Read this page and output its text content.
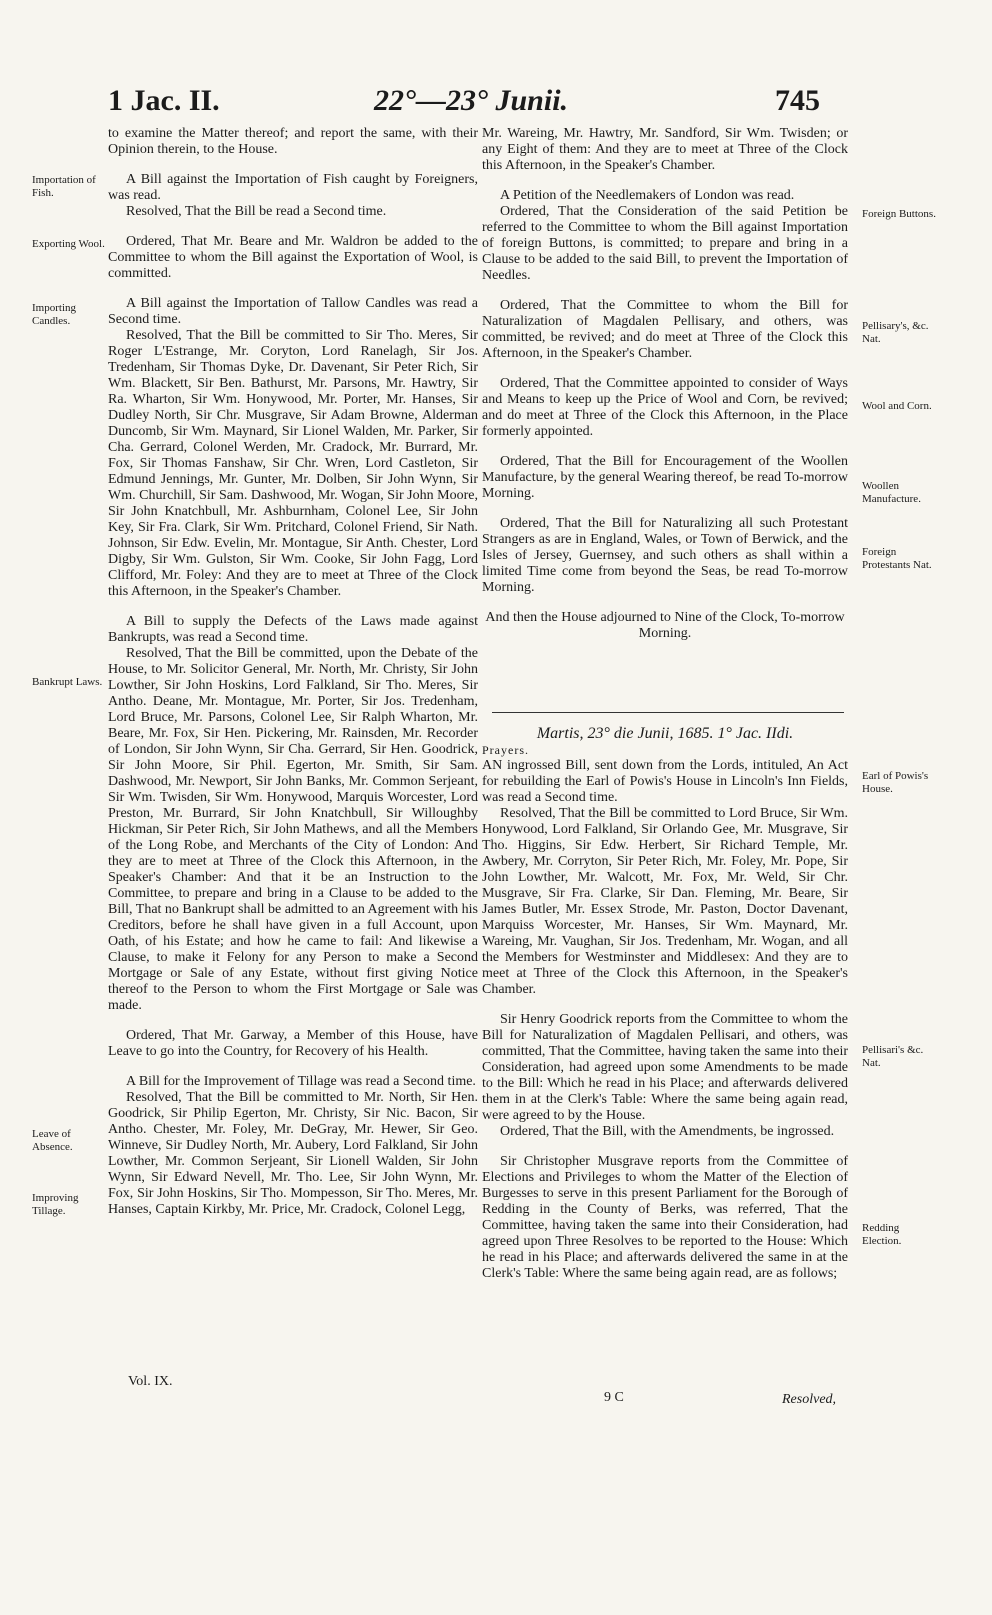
1 Jac. II.	22°—23° Junii.	745
Importation of Fish.
Exporting Wool.
Importing Candles.
Bankrupt Laws.
Leave of Absence.
Improving Tillage.
Foreign Buttons.
Pellisary's, &c. Nat.
Wool and Corn.
Woollen Manufacture.
Foreign Protestants Nat.
Earl of Powis's House.
Pellisari's &c. Nat.
Redding Election.

to examine the Matter thereof; and report the same, with their Opinion therein, to the House.

A Bill against the Importation of Fish caught by Foreigners, was read.

Resolved, That the Bill be read a Second time.

Ordered, That Mr. Beare and Mr. Waldron be added to the Committee to whom the Bill against the Exportation of Wool, is committed.

A Bill against the Importation of Tallow Candles was read a Second time.

Resolved, That the Bill be committed to Sir Tho. Meres, Sir Roger L'Estrange, Mr. Coryton, Lord Ranelagh, Sir Jos. Tredenham, Sir Thomas Dyke, Dr. Davenant, Sir Peter Rich, Sir Wm. Blackett, Sir Ben. Bathurst, Mr. Parsons, Mr. Hawtry, Sir Ra. Wharton, Sir Wm. Honywood, Mr. Porter, Mr. Hanses, Sir Dudley North, Sir Chr. Musgrave, Sir Adam Browne, Alderman Duncomb, Sir Wm. Maynard, Sir Lionel Walden, Mr. Parker, Sir Cha. Gerrard, Colonel Werden, Mr. Cradock, Mr. Burrard, Mr. Fox, Sir Thomas Fanshaw, Sir Chr. Wren, Lord Castleton, Sir Edmund Jennings, Mr. Gunter, Mr. Dolben, Sir John Wynn, Sir Wm. Churchill, Sir Sam. Dashwood, Mr. Wogan, Sir John Moore, Sir John Knatchbull, Mr. Ashburnham, Colonel Lee, Sir John Key, Sir Fra. Clark, Sir Wm. Pritchard, Colonel Friend, Sir Nath. Johnson, Sir Edw. Evelin, Mr. Montague, Sir Anth. Chester, Lord Digby, Sir Wm. Gulston, Sir Wm. Cooke, Sir John Fagg, Lord Clifford, Mr. Foley: And they are to meet at Three of the Clock this Afternoon, in the Speaker's Chamber.

A Bill to supply the Defects of the Laws made against Bankrupts, was read a Second time.

Resolved, That the Bill be committed, upon the Debate of the House, to Mr. Solicitor General, Mr. North, Mr. Christy, Sir John Lowther, Sir John Hoskins, Lord Falkland, Sir Tho. Meres, Sir Antho. Deane, Mr. Montague, Mr. Porter, Sir Jos. Tredenham, Lord Bruce, Mr. Parsons, Colonel Lee, Sir Ralph Wharton, Mr. Beare, Mr. Fox, Sir Hen. Pickering, Mr. Rainsden, Mr. Recorder of London, Sir John Wynn, Sir Cha. Gerrard, Sir Hen. Goodrick, Sir John Moore, Sir Phil. Egerton, Mr. Smith, Sir Sam. Dashwood, Mr. Newport, Sir John Banks, Mr. Common Serjeant, Sir Wm. Twisden, Sir Wm. Honywood, Marquis Worcester, Lord Preston, Mr. Burrard, Sir John Knatchbull, Sir Willoughby Hickman, Sir Peter Rich, Sir John Mathews, and all the Members of the Long Robe, and Merchants of the City of London: And they are to meet at Three of the Clock this Afternoon, in the Speaker's Chamber: And that it be an Instruction to the Committee, to prepare and bring in a Clause to be added to the Bill, That no Bankrupt shall be admitted to an Agreement with his Creditors, before he shall have given in a full Account, upon Oath, of his Estate; and how he came to fail: And likewise a Clause, to make it Felony for any Person to make a Second Mortgage or Sale of any Estate, without first giving Notice thereof to the Person to whom the First Mortgage or Sale was made.

Ordered, That Mr. Garway, a Member of this House, have Leave to go into the Country, for Recovery of his Health.

A Bill for the Improvement of Tillage was read a Second time.

Resolved, That the Bill be committed to Mr. North, Sir Hen. Goodrick, Sir Philip Egerton, Mr. Christy, Sir Nic. Bacon, Sir Antho. Chester, Mr. Foley, Mr. DeGray, Mr. Hewer, Sir Geo. Winneve, Sir Dudley North, Mr. Aubery, Lord Falkland, Sir John Lowther, Mr. Common Serjeant, Sir Lionell Walden, Sir John Wynn, Sir Edward Nevell, Mr. Tho. Lee, Sir John Wynn, Mr. Fox, Sir John Hoskins, Sir Tho. Mompesson, Sir Tho. Meres, Mr. Hanses, Captain Kirkby, Mr. Price, Mr. Cradock, Colonel Legg,

Mr. Wareing, Mr. Hawtry, Mr. Sandford, Sir Wm. Twisden; or any Eight of them: And they are to meet at Three of the Clock this Afternoon, in the Speaker's Chamber.

A Petition of the Needlemakers of London was read.

Ordered, That the Consideration of the said Petition be referred to the Committee to whom the Bill against Importation of foreign Buttons, is committed; to prepare and bring in a Clause to be added to the said Bill, to prevent the Importation of Needles.

Ordered, That the Committee to whom the Bill for Naturalization of Magdalen Pellisary, and others, was committed, be revived; and do meet at Three of the Clock this Afternoon, in the Speaker's Chamber.

Ordered, That the Committee appointed to consider of Ways and Means to keep up the Price of Wool and Corn, be revived; and do meet at Three of the Clock this Afternoon, in the Place formerly appointed.

Ordered, That the Bill for Encouragement of the Woollen Manufacture, by the general Wearing thereof, be read To-morrow Morning.

Ordered, That the Bill for Naturalizing all such Protestant Strangers as are in England, Wales, or Town of Berwick, and the Isles of Jersey, Guernsey, and such others as shall within a limited Time come from beyond the Seas, be read To-morrow Morning.

And then the House adjourned to Nine of the Clock, To-morrow Morning.

Martis, 23° die Junii, 1685. 1° Jac. IIdi.

Prayers.

AN ingrossed Bill, sent down from the Lords, intituled, An Act for rebuilding the Earl of Powis's House in Lincoln's Inn Fields, was read a Second time.

Resolved, That the Bill be committed to Lord Bruce, Sir Wm. Honywood, Lord Falkland, Sir Orlando Gee, Mr. Musgrave, Sir Tho. Higgins, Sir Edw. Herbert, Sir Richard Temple, Mr. Awbery, Mr. Corryton, Sir Peter Rich, Mr. Foley, Mr. Pope, Sir John Lowther, Mr. Walcott, Mr. Fox, Mr. Weld, Sir Chr. Musgrave, Sir Fra. Clarke, Sir Dan. Fleming, Mr. Beare, Sir James Butler, Mr. Essex Strode, Mr. Paston, Doctor Davenant, Marquiss Worcester, Mr. Hanses, Sir Wm. Maynard, Mr. Wareing, Mr. Vaughan, Sir Jos. Tredenham, Mr. Wogan, and all the Members for Westminster and Middlesex: And they are to meet at Three of the Clock this Afternoon, in the Speaker's Chamber.

Sir Henry Goodrick reports from the Committee to whom the Bill for Naturalization of Magdalen Pellisari, and others, was committed, That the Committee, having taken the same into their Consideration, had agreed upon some Amendments to be made to the Bill: Which he read in his Place; and afterwards delivered them in at the Clerk's Table: Where the same being again read, were agreed to by the House.

Ordered, That the Bill, with the Amendments, be ingrossed.

Sir Christopher Musgrave reports from the Committee of Elections and Privileges to whom the Matter of the Election of Burgesses to serve in this present Parliament for the Borough of Redding in the County of Berks, was referred, That the Committee, having taken the same into their Consideration, had agreed upon Three Resolves to be reported to the House: Which he read in his Place; and afterwards delivered the same in at the Clerk's Table: Where the same being again read, are as follows;

Vol. IX.
9 C	Resolved,
